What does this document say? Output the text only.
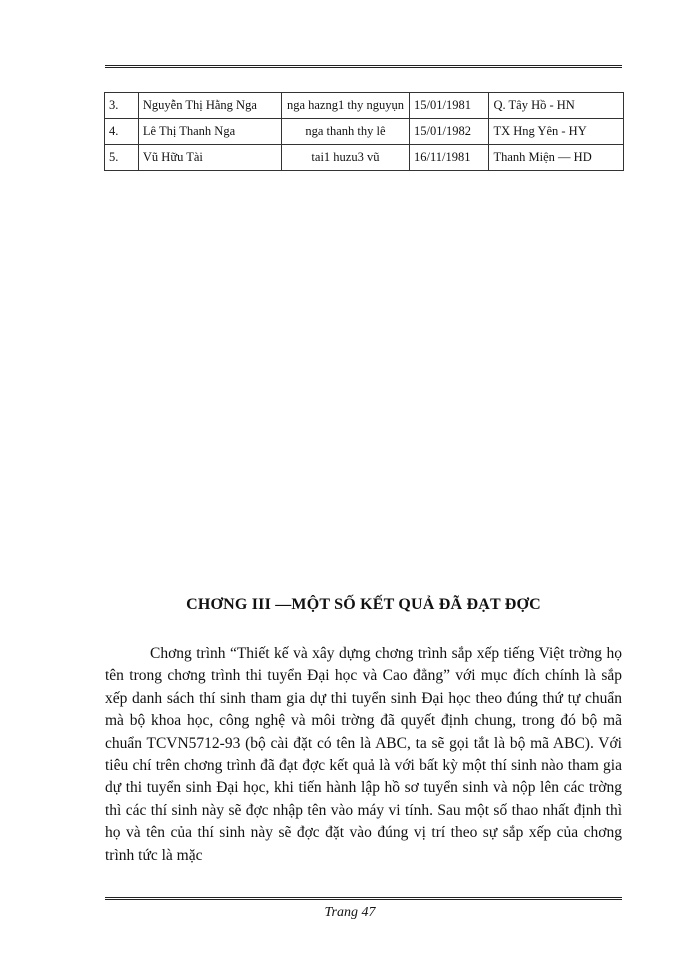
3.	Nguyễn Thị Hằng Nga	nga hazng1 thy nguyụn	15/01/1981	Q. Tây Hồ - HN
4.	Lê Thị Thanh Nga	nga thanh thy lê	15/01/1982	TX Hng Yên - HY
5.	Vũ Hữu Tài	tai1 huzu3 vũ	16/11/1981	Thanh Miện — HD
CHƠNG III —MỘT SỐ KẾT QUẢ ĐÃ ĐẠT ĐỢC

Chơng trình “Thiết kế và xây dựng chơng trình sắp xếp tiếng Việt trờng họ tên trong chơng trình thi tuyển Đại học và Cao đẳng” với mục đích chính là sắp xếp danh sách thí sinh tham gia dự thi tuyển sinh Đại học theo đúng thứ tự chuẩn mà bộ khoa học, công nghệ và môi trờng đã quyết định chung, trong đó bộ mã chuẩn TCVN5712-93 (bộ cài đặt có tên là ABC, ta sẽ gọi tắt là bộ mã ABC). Với tiêu chí trên chơng trình đã đạt đợc kết quả là với bất kỳ một thí sinh nào tham gia dự thi tuyển sinh Đại học, khi tiến hành lập hồ sơ tuyển sinh và nộp lên các trờng thì các thí sinh này sẽ đợc nhập tên vào máy vi tính. Sau một số thao nhất định thì họ và tên của thí sinh này sẽ đợc đặt vào đúng vị trí theo sự sắp xếp của chơng trình tức là mặc

Trang 47
